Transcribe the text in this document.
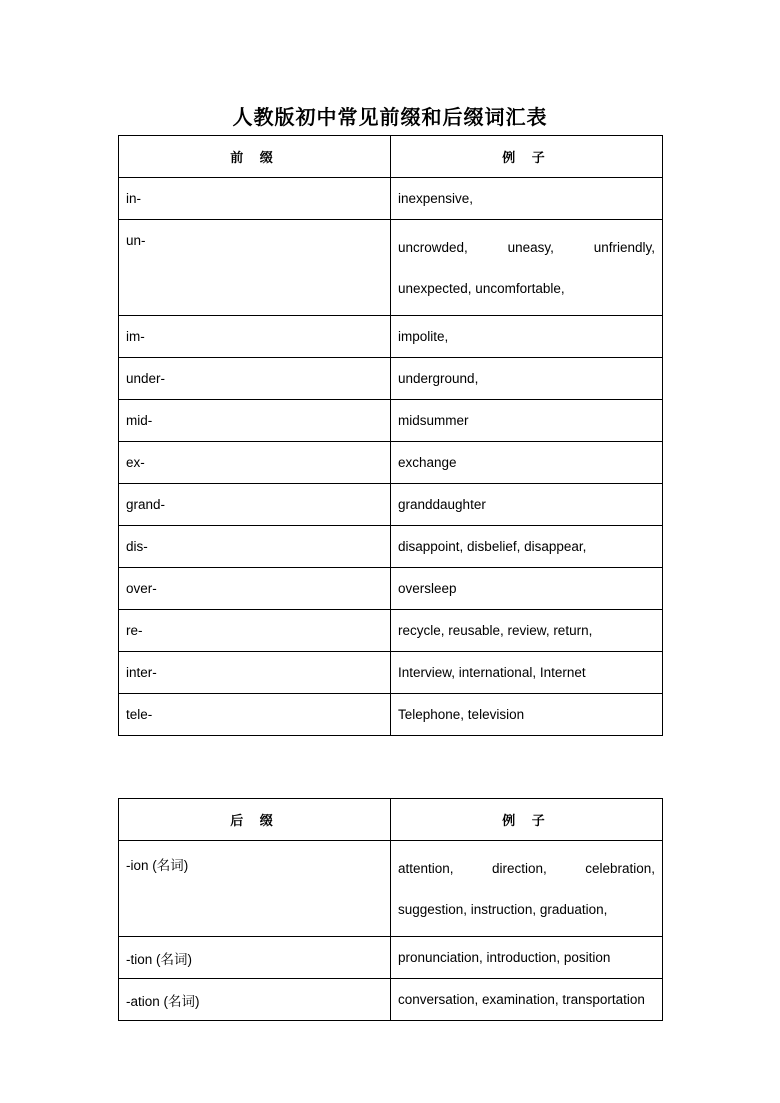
人教版初中常见前缀和后缀词汇表
前 缀	例 子
in-	inexpensive,
un-	uncrowded, uneasy, unfriendly,
unexpected, uncomfortable,

im-	impolite,
under-	underground,
mid-	midsummer
ex-	exchange
grand-	granddaughter
dis-	disappoint, disbelief, disappear,
over-	oversleep
re-	recycle, reusable, review, return,
inter-	Interview, international, Internet
tele-	Telephone, television
后 缀	例 子
-ion (名词)	attention, direction, celebration,
suggestion, instruction, graduation,

-tion (名词)	pronunciation, introduction, position
-ation (名词)	conversation, examination, transportation
